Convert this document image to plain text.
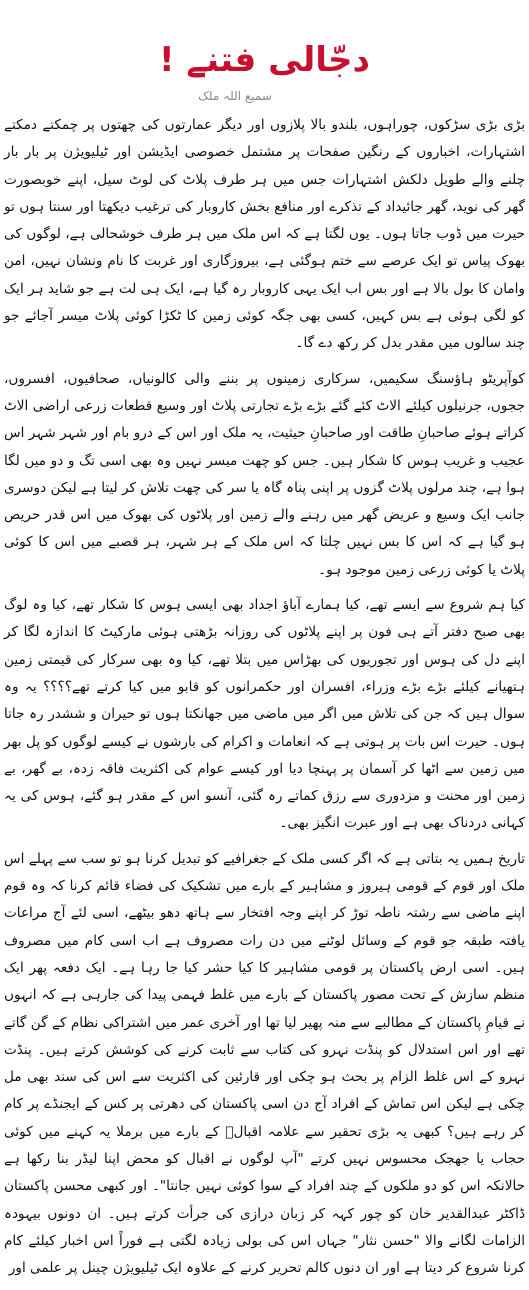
دجّالی فتنے !
سمیع اللہ ملک

بڑی بڑی سڑکوں، چوراہوں، بلندو بالا پلازوں اور دیگر عمارتوں کی چھتوں پر چمکتے دمکتے اشتہارات، اخباروں کے رنگین صفحات پر مشتمل خصوصی ایڈیشن اور ٹیلیویژن پر بار بار چلنے والے طویل دلکش اشتہارات جس میں ہر طرف پلاٹ کی لوٹ سیل، اپنے خوبصورت گھر کی نوید، گھر جائیداد کے تذکرے اور منافع بخش کاروبار کی ترغیب دیکھتا اور سنتا ہوں تو حیرت میں ڈوب جاتا ہوں۔ یوں لگتا ہے کہ اس ملک میں ہر طرف خوشحالی ہے، لوگوں کی بھوک پیاس تو ایک عرصے سے ختم ہوگئی ہے، بیروزگاری اور غربت کا نام ونشان نہیں، امن وامان کا بول بالا ہے اور بس اب ایک یہی کاروبار رہ گیا ہے، ایک ہی لت ہے جو شاید ہر ایک کو لگی ہوئی ہے بس کہیں، کسی بھی جگہ کوئی زمین کا ٹکڑا کوئی پلاٹ میسر آجائے جو چند سالوں میں مقدر بدل کر رکھ دے گا۔

کوآپریٹو ہاؤسنگ سکیمیں، سرکاری زمینوں پر بننے والی کالونیاں، صحافیوں، افسروں، ججوں، جرنیلوں کیلئے الاٹ کئے گئے بڑے بڑے تجارتی پلاٹ اور وسیع قطعات زرعی اراضی الاٹ کراتے ہوئے صاحبانِ طاقت اور صاحبانِ حیثیت، یہ ملک اور اس کے درو بام اور شہر شہر اس عجیب و غریب ہوس کا شکار ہیں۔ جس کو چھت میسر نہیں وہ بھی اسی تگ و دو میں لگا ہوا ہے، چند مرلوں پلاٹ گزوں پر اپنی پناہ گاہ یا سر کی چھت تلاش کر لیتا ہے لیکن دوسری جانب ایک وسیع و عریض گھر میں رہنے والے زمین اور پلاٹوں کی بھوک میں اس قدر حریص ہو گیا ہے کہ اس کا بس نہیں چلتا کہ اس ملک کے ہر شہر، ہر قصبے میں اس کا کوئی پلاٹ یا کوئی زرعی زمین موجود ہو۔

کیا ہم شروع سے ایسے تھے، کیا ہمارے آباؤ اجداد بھی ایسی ہوس کا شکار تھے، کیا وہ لوگ بھی صبح دفتر آتے ہی فون پر اپنے پلاٹوں کی روزانہ بڑھتی ہوئی مارکیٹ کا اندازہ لگا کر اپنے دل کی ہوس اور تجوریوں کی بھڑاس میں بتلا تھے، کیا وہ بھی سرکار کی قیمتی زمین ہتھیانے کیلئے بڑے بڑے وزراء، افسران اور حکمرانوں کو قابو میں کیا کرتے تھے؟؟؟؟ یہ وہ سوال ہیں کہ جن کی تلاش میں اگر میں ماضی میں جھانکتا ہوں تو حیران و ششدر رہ جاتا ہوں۔ حیرت اس بات پر ہوتی ہے کہ انعامات و اکرام کی بارشوں نے کیسے لوگوں کو پل بھر میں زمین سے اٹھا کر آسمان پر پہنچا دیا اور کیسے عوام کی اکثریت فاقہ زدہ، بے گھر، بے زمین اور محنت و مزدوری سے رزق کماتے رہ گئی، آنسو اس کے مقدر ہو گئے، ہوس کی یہ کہانی دردناک بھی ہے اور عبرت انگیز بھی۔

تاریخ ہمیں یہ بتاتی ہے کہ اگر کسی ملک کے جغرافیے کو تبدیل کرنا ہو تو سب سے پہلے اس ملک اور قوم کے قومی ہیروز و مشاہیر کے بارے میں تشکیک کی فضاء قائم کرنا کہ وہ قوم اپنے ماضی سے رشتہ ناطہ توڑ کر اپنے وجہ افتخار سے ہاتھ دھو بیٹھے، اسی لئے آج مراعات یافتہ طبقہ جو قوم کے وسائل لوٹنے میں دن رات مصروف ہے اب اسی کام میں مصروف ہیں۔ اسی ارض پاکستان پر قومی مشاہیر کا کیا حشر کیا جا رہا ہے۔ ایک دفعہ پھر ایک منظم سازش کے تحت مصور پاکستان کے بارے میں غلط فہمی پیدا کی جارہی ہے کہ انہوں نے قیامِ پاکستان کے مطالبے سے منہ پھیر لیا تھا اور آخری عمر میں اشتراکی نظام کے گن گاتے تھے اور اس استدلال کو پنڈت نہرو کی کتاب سے ثابت کرنے کی کوشش کرتے ہیں۔ پنڈت نہرو کے اس غلط الزام پر بحث ہو چکی اور قارئین کی اکثریت سے اس کی سند بھی مل چکی ہے لیکن اس تماش کے افراد آج دن اسی پاکستان کی دھرتی پر کس کے ایجنڈے پر کام کر رہے ہیں؟ کبھی یہ بڑی تحقیر سے علامہ اقبالؒ کے بارے میں برملا یہ کہنے میں کوئی حجاب یا جھجک محسوس نہیں کرتے "آپ لوگوں نے اقبال کو محض اپنا لیڈر بنا رکھا ہے حالانکہ اس کو دو ملکوں کے چند افراد کے سوا کوئی نہیں جانتا"۔ اور کبھی محسن پاکستان ڈاکٹر عبدالقدیر خان کو چور کہہ کر زبان درازی کی جرأت کرتے ہیں۔ ان دونوں بیہودہ الزامات لگانے والا "حسن نثار" جہاں اس کی بولی زیادہ لگتی ہے فوراً اس اخبار کیلئے کام کرنا شروع کر دیتا ہے اور ان دنوں کالم تحریر کرنے کے علاوہ ایک ٹیلیویژن چینل پر علمی اور
